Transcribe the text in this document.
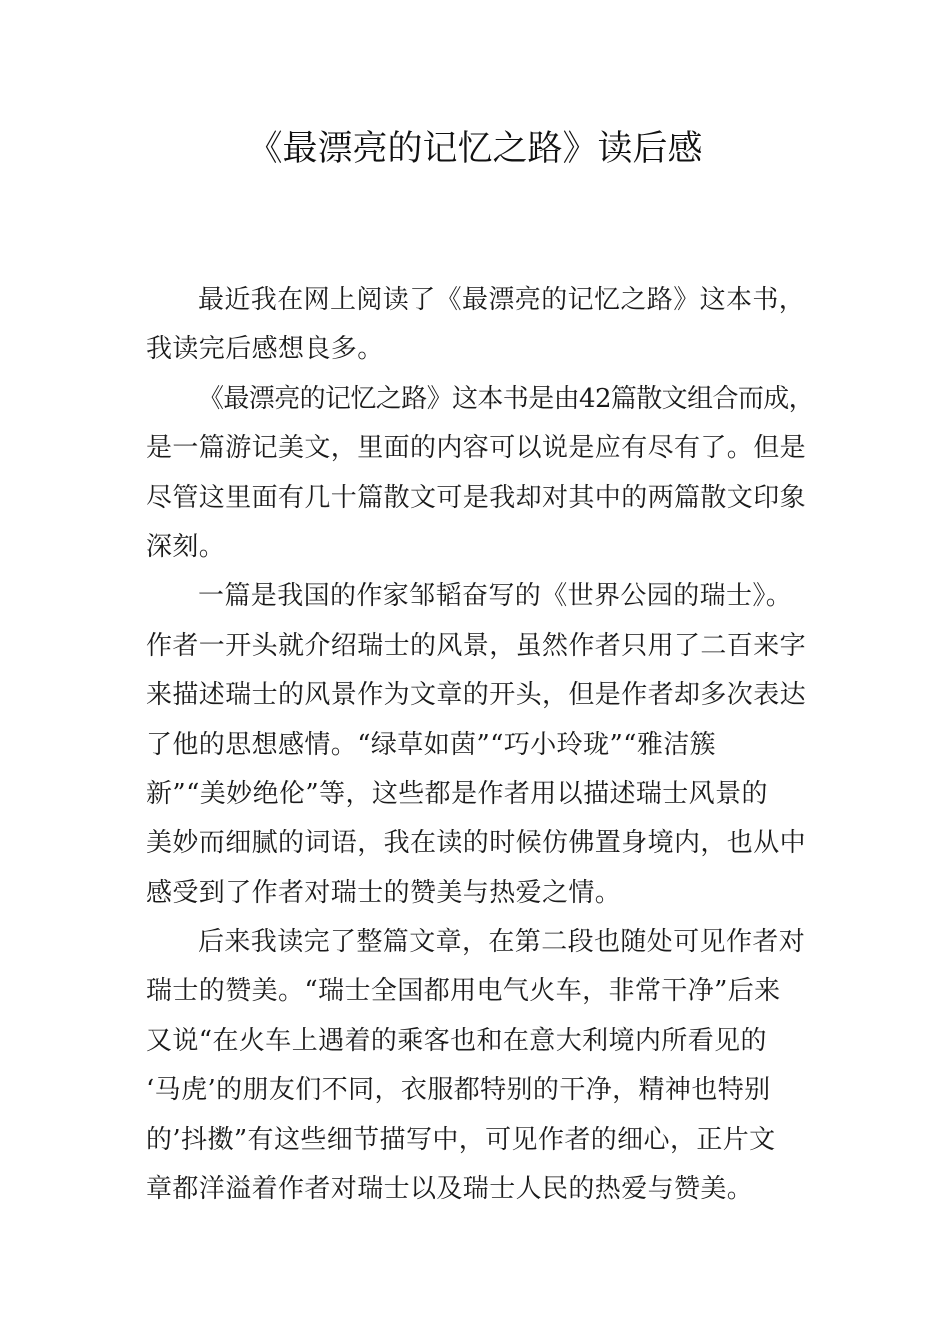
《最漂亮的记忆之路》读后感
最近我在网上阅读了《最漂亮的记忆之路》这本书，
我读完后感想良多。
《最漂亮的记忆之路》这本书是由42篇散文组合而成，
是一篇游记美文，里面的内容可以说是应有尽有了。但是
尽管这里面有几十篇散文可是我却对其中的两篇散文印象
深刻。
一篇是我国的作家邹韬奋写的《世界公园的瑞士》。
作者一开头就介绍瑞士的风景，虽然作者只用了二百来字
来描述瑞士的风景作为文章的开头，但是作者却多次表达
了他的思想感情。“绿草如茵”“巧小玲珑”“雅洁簇
新”“美妙绝伦”等，这些都是作者用以描述瑞士风景的
美妙而细腻的词语，我在读的时候仿佛置身境内，也从中
感受到了作者对瑞士的赞美与热爱之情。
后来我读完了整篇文章，在第二段也随处可见作者对
瑞士的赞美。“瑞士全国都用电气火车，非常干净”后来
又说“在火车上遇着的乘客也和在意大利境内所看见的
‘马虎’的朋友们不同，衣服都特别的干净，精神也特别
的’抖擞”有这些细节描写中，可见作者的细心，正片文
章都洋溢着作者对瑞士以及瑞士人民的热爱与赞美。
